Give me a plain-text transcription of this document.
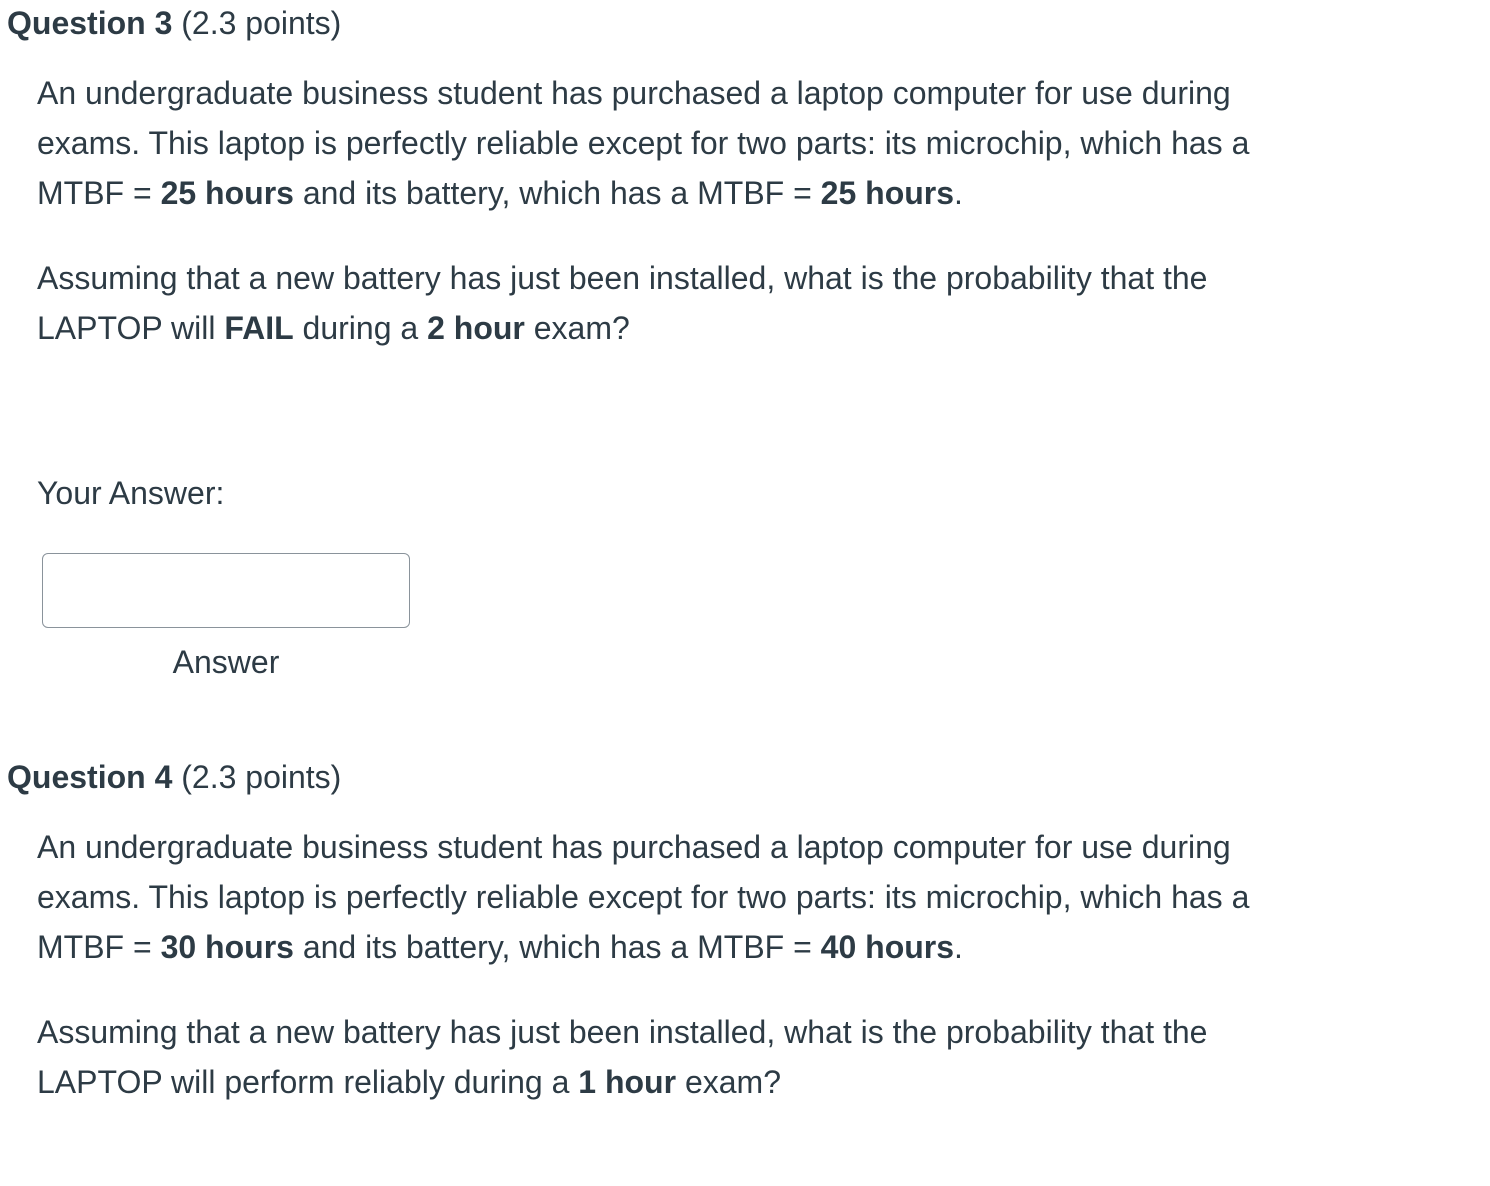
Question 3 (2.3 points)

An undergraduate business student has purchased a laptop computer for use during exams. This laptop is perfectly reliable except for two parts: its microchip, which has a MTBF = 25 hours and its battery, which has a MTBF = 25 hours.

Assuming that a new battery has just been installed, what is the probability that the LAPTOP will FAIL during a 2 hour exam?

Your Answer:
Answer
Question 4 (2.3 points)

An undergraduate business student has purchased a laptop computer for use during exams. This laptop is perfectly reliable except for two parts: its microchip, which has a MTBF = 30 hours and its battery, which has a MTBF = 40 hours.

Assuming that a new battery has just been installed, what is the probability that the LAPTOP will perform reliably during a 1 hour exam?
